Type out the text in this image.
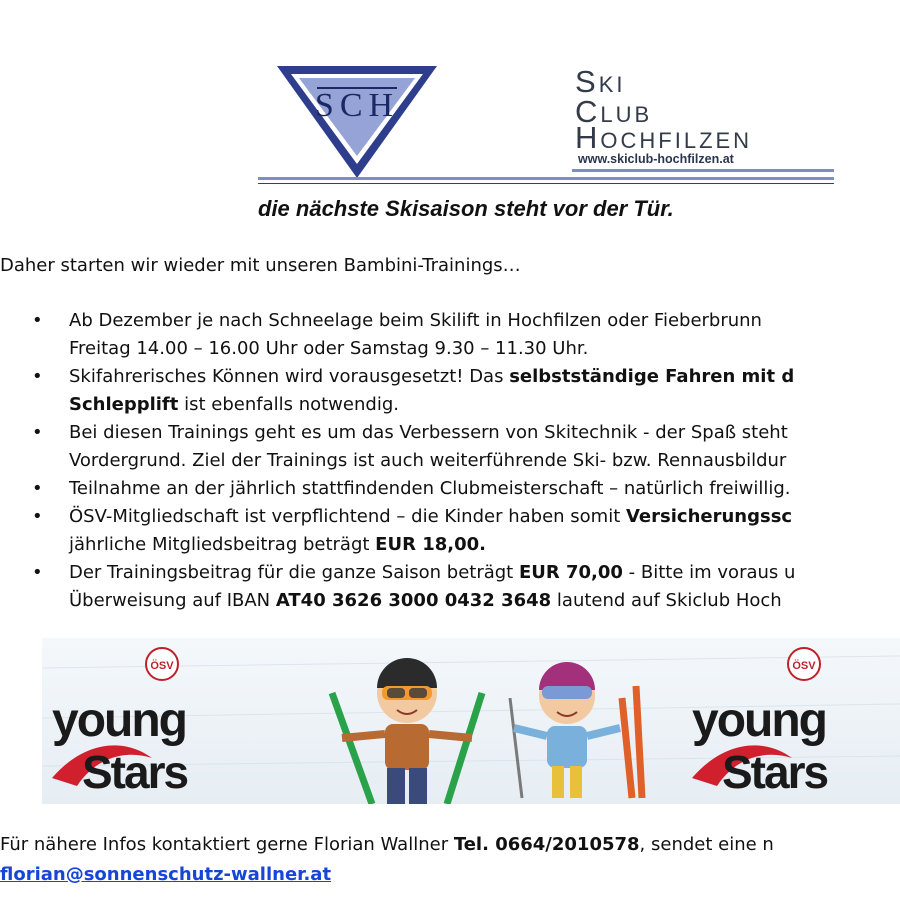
SCH
SKI
CLUB
HOCHFILZEN
www.skiclub-hochfilzen.at
die nächste Skisaison steht vor der Tür.
Daher starten wir wieder mit unseren Bambini-Trainings…
• Ab Dezember je nach Schneelage beim Skilift in Hochfilzen oder Fieberbrunn
Freitag 14.00 – 16.00 Uhr oder Samstag 9.30 – 11.30 Uhr.
• Skifahrerisches Können wird vorausgesetzt! Das selbstständige Fahren mit d
Schlepplift ist ebenfalls notwendig.
• Bei diesen Trainings geht es um das Verbessern von Skitechnik - der Spaß steht
Vordergrund. Ziel der Trainings ist auch weiterführende Ski- bzw. Rennausbildur
• Teilnahme an der jährlich stattfindenden Clubmeisterschaft – natürlich freiwillig.
• ÖSV-Mitgliedschaft ist verpflichtend – die Kinder haben somit Versicherungssc
jährliche Mitgliedsbeitrag beträgt EUR 18,00.
• Der Trainingsbeitrag für die ganze Saison beträgt EUR 70,00 - Bitte im voraus u
Überweisung auf IBAN AT40 3626 3000 0432 3648 lautend auf Skiclub Hoch
ÖSV
young
Stars
ÖSV
young
Stars
Für nähere Infos kontaktiert gerne Florian Wallner Tel. 0664/2010578, sendet eine n
florian@sonnenschutz-wallner.at
